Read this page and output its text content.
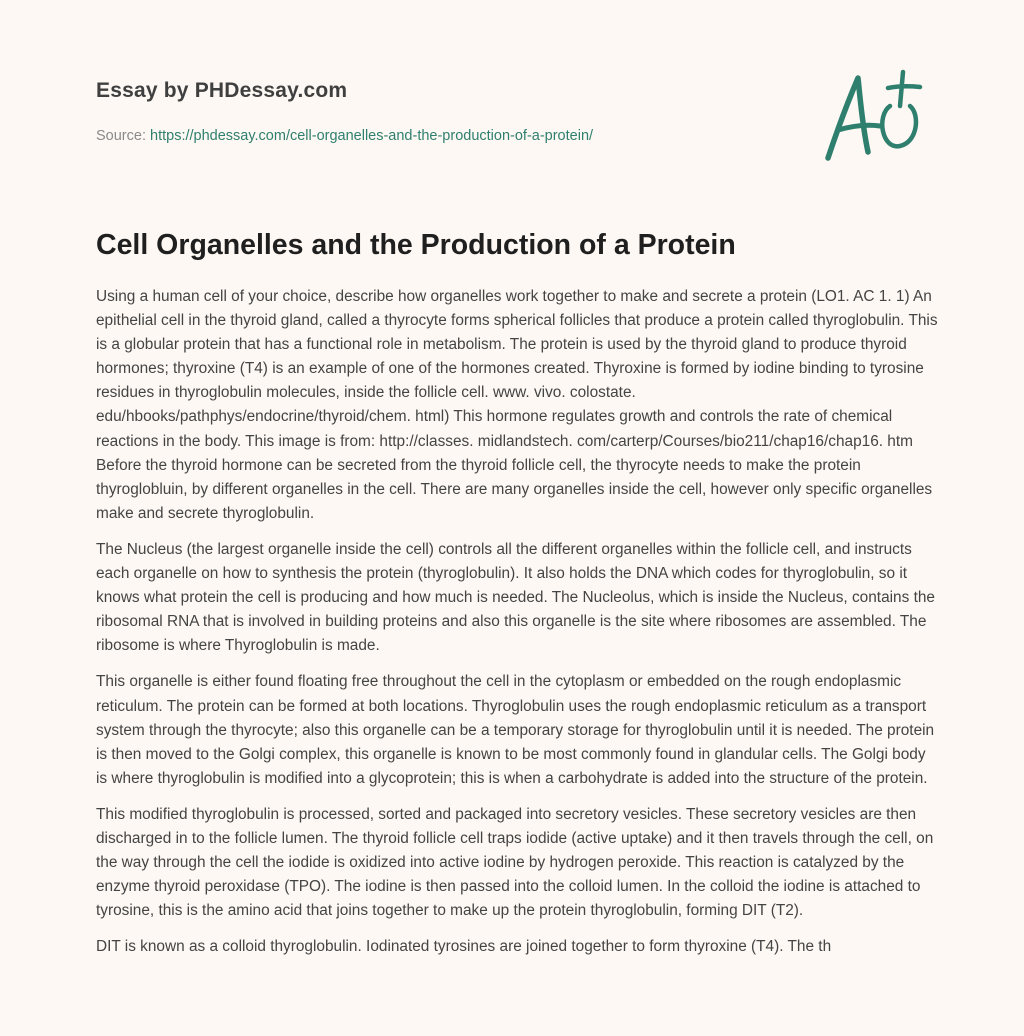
Essay by PHDessay.com
Source: https://phdessay.com/cell-organelles-and-the-production-of-a-protein/
Cell Organelles and the Production of a Protein

Using a human cell of your choice, describe how organelles work together to make and secrete a protein (LO1. AC 1. 1) An epithelial cell in the thyroid gland, called a thyrocyte forms spherical follicles that produce a protein called thyroglobulin. This is a globular protein that has a functional role in metabolism. The protein is used by the thyroid gland to produce thyroid hormones; thyroxine (T4) is an example of one of the hormones created. Thyroxine is formed by iodine binding to tyrosine residues in thyroglobulin molecules, inside the follicle cell. www. vivo. colostate. edu/hbooks/pathphys/endocrine/thyroid/chem. html) This hormone regulates growth and controls the rate of chemical reactions in the body. This image is from: http://classes. midlandstech. com/carterp/Courses/bio211/chap16/chap16. htm Before the thyroid hormone can be secreted from the thyroid follicle cell, the thyrocyte needs to make the protein thyroglobluin, by different organelles in the cell. There are many organelles inside the cell, however only specific organelles make and secrete thyroglobulin.

The Nucleus (the largest organelle inside the cell) controls all the different organelles within the follicle cell, and instructs each organelle on how to synthesis the protein (thyroglobulin). It also holds the DNA which codes for thyroglobulin, so it knows what protein the cell is producing and how much is needed. The Nucleolus, which is inside the Nucleus, contains the ribosomal RNA that is involved in building proteins and also this organelle is the site where ribosomes are assembled. The ribosome is where Thyroglobulin is made.

This organelle is either found floating free throughout the cell in the cytoplasm or embedded on the rough endoplasmic reticulum. The protein can be formed at both locations. Thyroglobulin uses the rough endoplasmic reticulum as a transport system through the thyrocyte; also this organelle can be a temporary storage for thyroglobulin until it is needed. The protein is then moved to the Golgi complex, this organelle is known to be most commonly found in glandular cells. The Golgi body is where thyroglobulin is modified into a glycoprotein; this is when a carbohydrate is added into the structure of the protein.

This modified thyroglobulin is processed, sorted and packaged into secretory vesicles. These secretory vesicles are then discharged in to the follicle lumen. The thyroid follicle cell traps iodide (active uptake) and it then travels through the cell, on the way through the cell the iodide is oxidized into active iodine by hydrogen peroxide. This reaction is catalyzed by the enzyme thyroid peroxidase (TPO). The iodine is then passed into the colloid lumen. In the colloid the iodine is attached to tyrosine, this is the amino acid that joins together to make up the protein thyroglobulin, forming DIT (T2).

DIT is known as a colloid thyroglobulin. Iodinated tyrosines are joined together to form thyroxine (T4). The th
